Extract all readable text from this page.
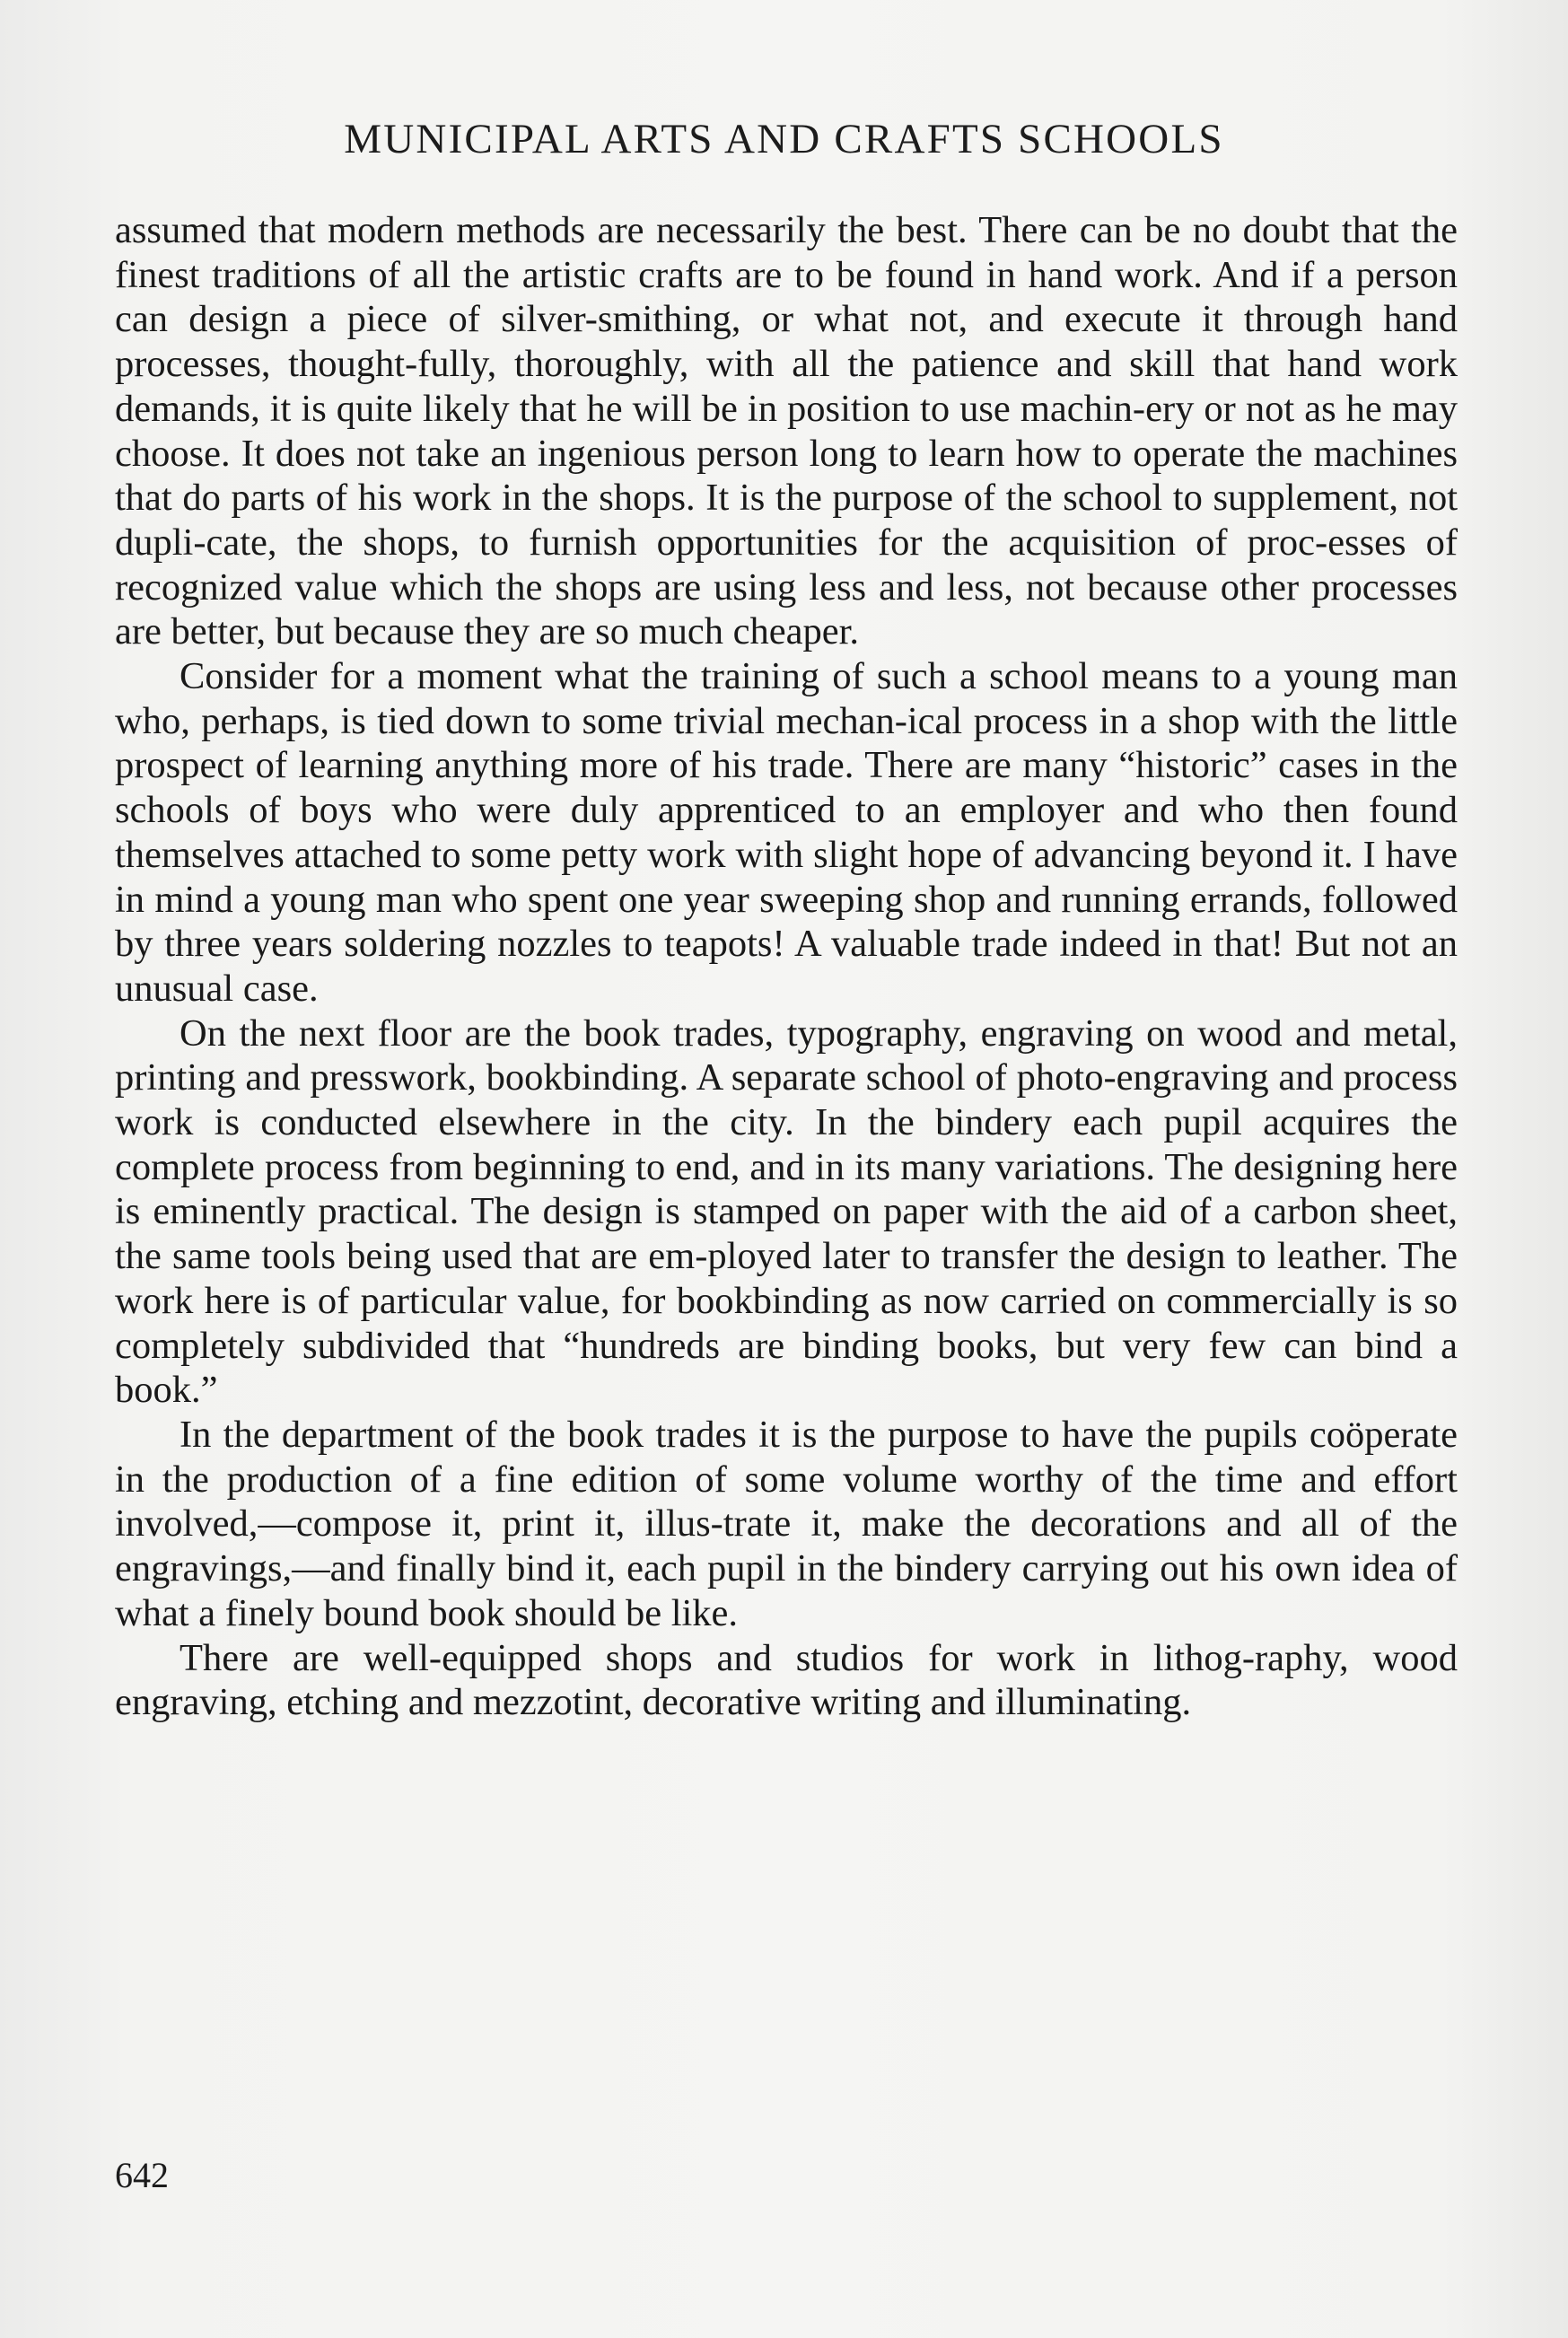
MUNICIPAL ARTS AND CRAFTS SCHOOLS

assumed that modern methods are necessarily the best. There can be no doubt that the finest traditions of all the artistic crafts are to be found in hand work. And if a person can design a piece of silver-smithing, or what not, and execute it through hand processes, thought-fully, thoroughly, with all the patience and skill that hand work demands, it is quite likely that he will be in position to use machin-ery or not as he may choose. It does not take an ingenious person long to learn how to operate the machines that do parts of his work in the shops. It is the purpose of the school to supplement, not dupli-cate, the shops, to furnish opportunities for the acquisition of proc-esses of recognized value which the shops are using less and less, not because other processes are better, but because they are so much cheaper.

Consider for a moment what the training of such a school means to a young man who, perhaps, is tied down to some trivial mechan-ical process in a shop with the little prospect of learning anything more of his trade. There are many “historic” cases in the schools of boys who were duly apprenticed to an employer and who then found themselves attached to some petty work with slight hope of advancing beyond it. I have in mind a young man who spent one year sweeping shop and running errands, followed by three years soldering nozzles to teapots! A valuable trade indeed in that! But not an unusual case.

On the next floor are the book trades, typography, engraving on wood and metal, printing and presswork, bookbinding. A separate school of photo-engraving and process work is conducted elsewhere in the city. In the bindery each pupil acquires the complete process from beginning to end, and in its many variations. The designing here is eminently practical. The design is stamped on paper with the aid of a carbon sheet, the same tools being used that are em-ployed later to transfer the design to leather. The work here is of particular value, for bookbinding as now carried on commercially is so completely subdivided that “hundreds are binding books, but very few can bind a book.”

In the department of the book trades it is the purpose to have the pupils coöperate in the production of a fine edition of some volume worthy of the time and effort involved,—compose it, print it, illus-trate it, make the decorations and all of the engravings,—and finally bind it, each pupil in the bindery carrying out his own idea of what a finely bound book should be like.

There are well-equipped shops and studios for work in lithog-raphy, wood engraving, etching and mezzotint, decorative writing and illuminating.

642
